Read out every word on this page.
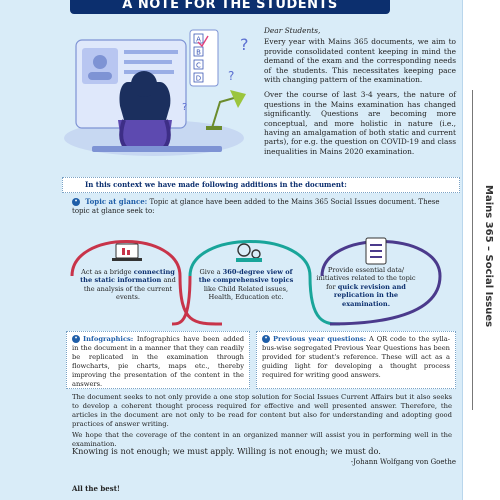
A NOTE FOR THE STUDENTS
A
B
C
D
?
?
?

Dear Students,

Every year with Mains 365 documents, we aim to provide consolidated content keeping in mind the demand of the exam and the corresponding needs of the students. This necessitates keeping pace with changing pattern of the examination.

Over the course of last 3-4 years, the nature of questions in the Mains examination has changed significantly. Questions are becoming more conceptual, and more holistic in nature (i.e., having an amalgamation of both static and current parts), for e.g. the question on COVID-19 and class inequalities in Mains 2020 examination.

In this context we have made following additions in the document:
• Topic at glance: Topic at glance have been added to the Mains 365 Social Issues document. These topic at glance seek to:
Act as a bridge connecting the static information and the analysis of the current events.
Give a 360-degree view of the comprehensive topics like Child Related issues, Health, Education etc.
Provide essential data/ initiatives related to the topic for quick revision and replication in the examination.
• Infographics: Infographics have been added in the document in a manner that they can readily be replicated in the examination through flowcharts, pie charts, maps etc., thereby improving the presentation of the content in the answers.
• Previous year questions: A QR code to the sylla-bus-wise segregated Previous Year Questions has been provided for student's reference. These will act as a guiding light for developing a thought process required for writing good answers.

The document seeks to not only provide a one stop solution for Social Issues Current Affairs but it also seeks to develop a coherent thought process required for effective and well presented answer. Therefore, the articles in the document are not only to be read for content but also for understanding and adopting good practices of answer writing.

We hope that the coverage of the content in an organized manner will assist you in performing well in the examination.

Knowing is not enough; we must apply. Willing is not enough; we must do.
-Johann Wolfgang von Goethe
All the best!
Mains 365 – Social Issues
